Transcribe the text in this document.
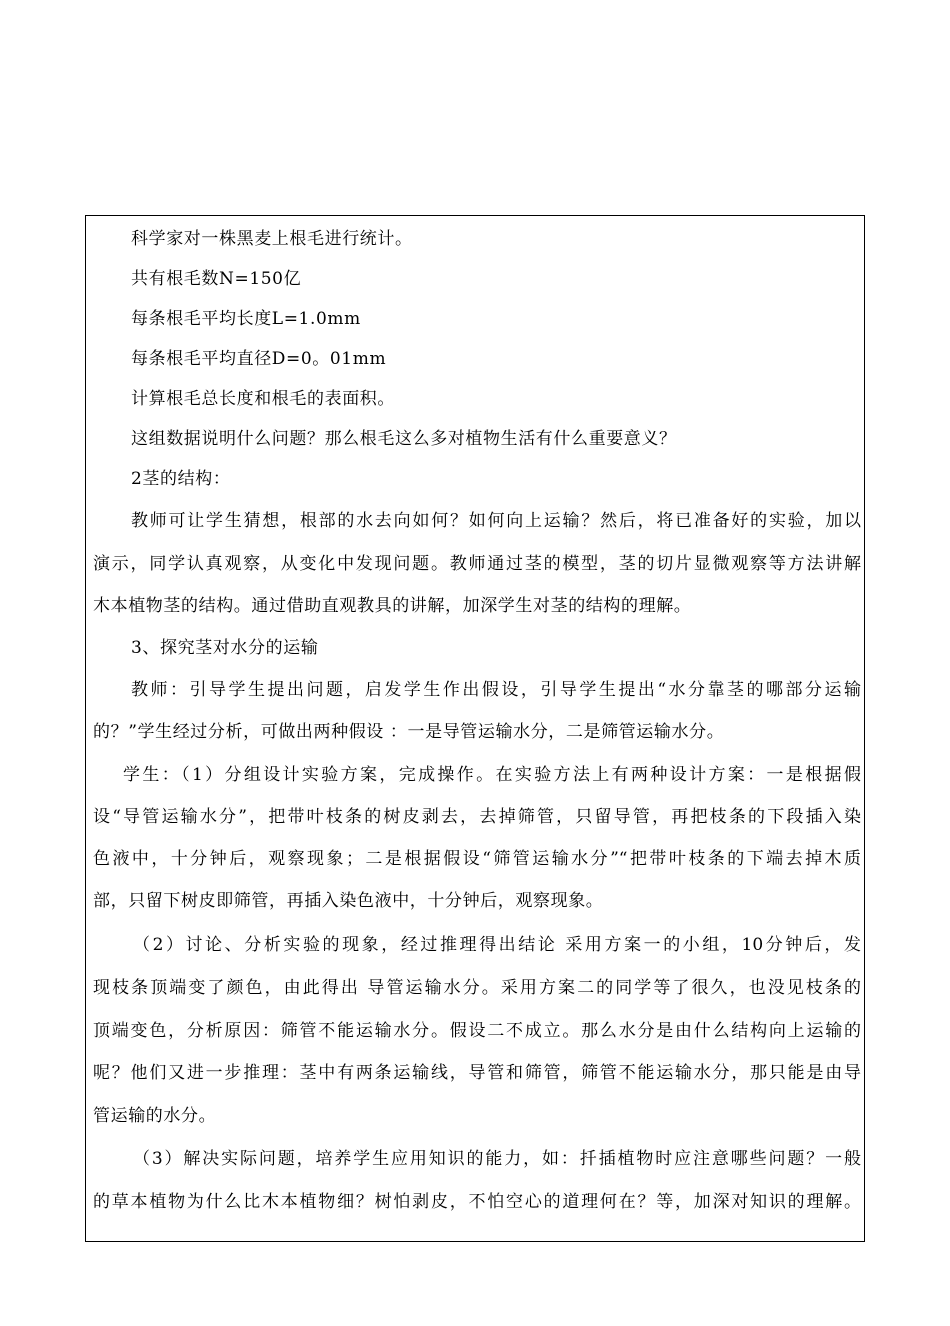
科学家对一株黑麦上根毛进行统计。
共有根毛数N=150亿
每条根毛平均长度L=1.0mm
每条根毛平均直径D=0。01mm
计算根毛总长度和根毛的表面积。
这组数据说明什么问题？那么根毛这么多对植物生活有什么重要意义？
2茎的结构：
教师可让学生猜想，根部的水去向如何？如何向上运输？然后，将已准备好的实验，加以
演示，同学认真观察，从变化中发现问题。教师通过茎的模型，茎的切片显微观察等方法讲解
木本植物茎的结构。通过借助直观教具的讲解，加深学生对茎的结构的理解。
3、探究茎对水分的运输
教师：引导学生提出问题，启发学生作出假设，引导学生提出“水分靠茎的哪部分运输
的？”学生经过分析，可做出两种假设 ：一是导管运输水分，二是筛管运输水分。
学生：（1）分组设计实验方案，完成操作。在实验方法上有两种设计方案：一是根据假
设“导管运输水分”，把带叶枝条的树皮剥去，去掉筛管，只留导管，再把枝条的下段插入染
色液中，十分钟后，观察现象；二是根据假设“筛管运输水分”“把带叶枝条的下端去掉木质
部，只留下树皮即筛管，再插入染色液中，十分钟后，观察现象。
（2）讨论、分析实验的现象，经过推理得出结论 采用方案一的小组，10分钟后，发
现枝条顶端变了颜色，由此得出 导管运输水分。采用方案二的同学等了很久，也没见枝条的
顶端变色，分析原因：筛管不能运输水分。假设二不成立。那么水分是由什么结构向上运输的
呢？他们又进一步推理：茎中有两条运输线，导管和筛管，筛管不能运输水分，那只能是由导
管运输的水分。
（3）解决实际问题，培养学生应用知识的能力，如：扦插植物时应注意哪些问题？一般
的草本植物为什么比木本植物细？树怕剥皮，不怕空心的道理何在？等，加深对知识的理解。
